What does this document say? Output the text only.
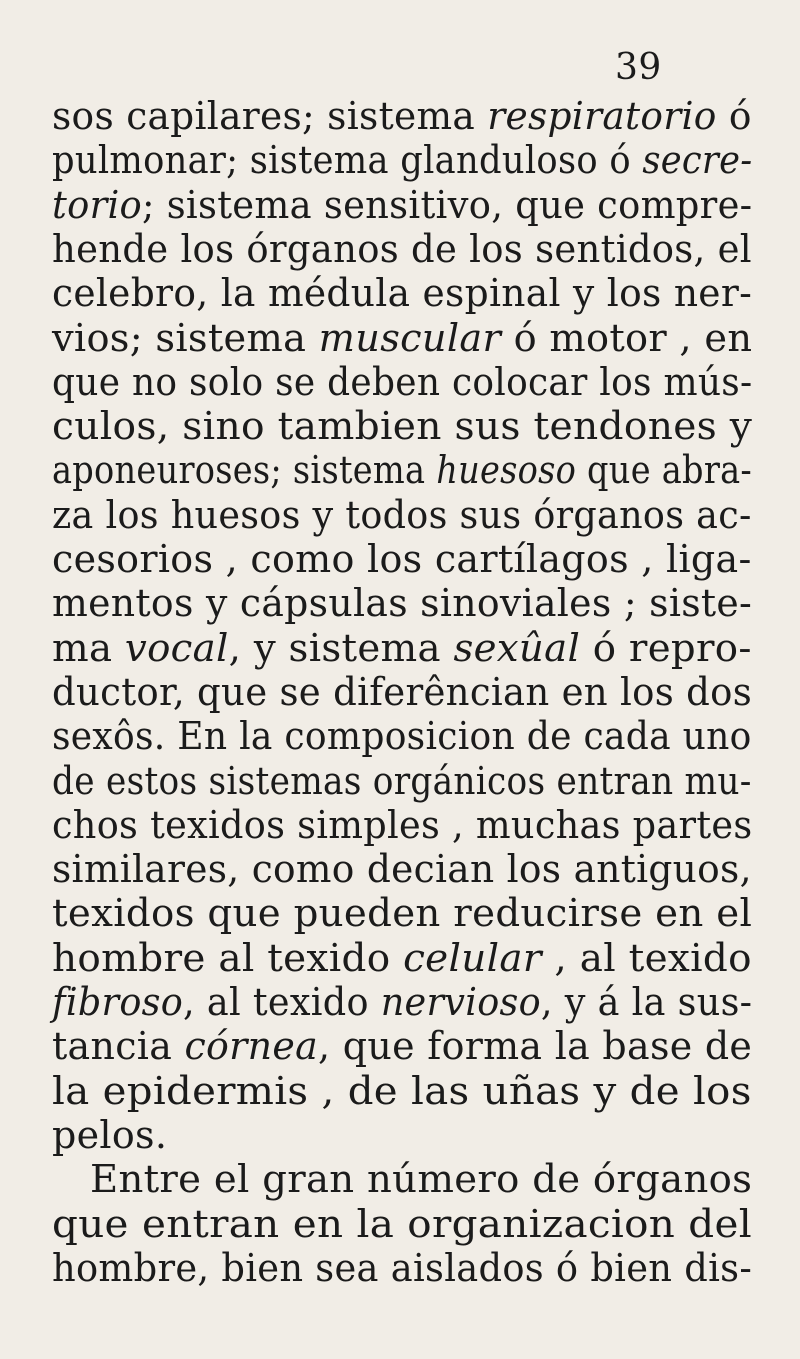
39
sos capilares; sistema respiratorio ó
pulmonar; sistema glanduloso ó secre-
torio; sistema sensitivo, que compre-
hende los órganos de los sentidos, el
celebro, la médula espinal y los ner-
vios; sistema muscular ó motor , en
que no solo se deben colocar los mús-
culos, sino tambien sus tendones y
aponeuroses; sistema huesoso que abra-
za los huesos y todos sus órganos ac-
cesorios , como los cartílagos , liga-
mentos y cápsulas sinoviales ; siste-
ma vocal, y sistema sexûal ó repro-
ductor, que se diferêncian en los dos
sexôs. En la composicion de cada uno
de estos sistemas orgánicos entran mu-
chos texidos simples , muchas partes
similares, como decian los antiguos,
texidos que pueden reducirse en el
hombre al texido celular , al texido
fibroso, al texido nervioso, y á la sus-
tancia córnea, que forma la base de
la epidermis , de las uñas y de los
pelos.
Entre el gran número de órganos
que entran en la organizacion del
hombre, bien sea aislados ó bien dis-
